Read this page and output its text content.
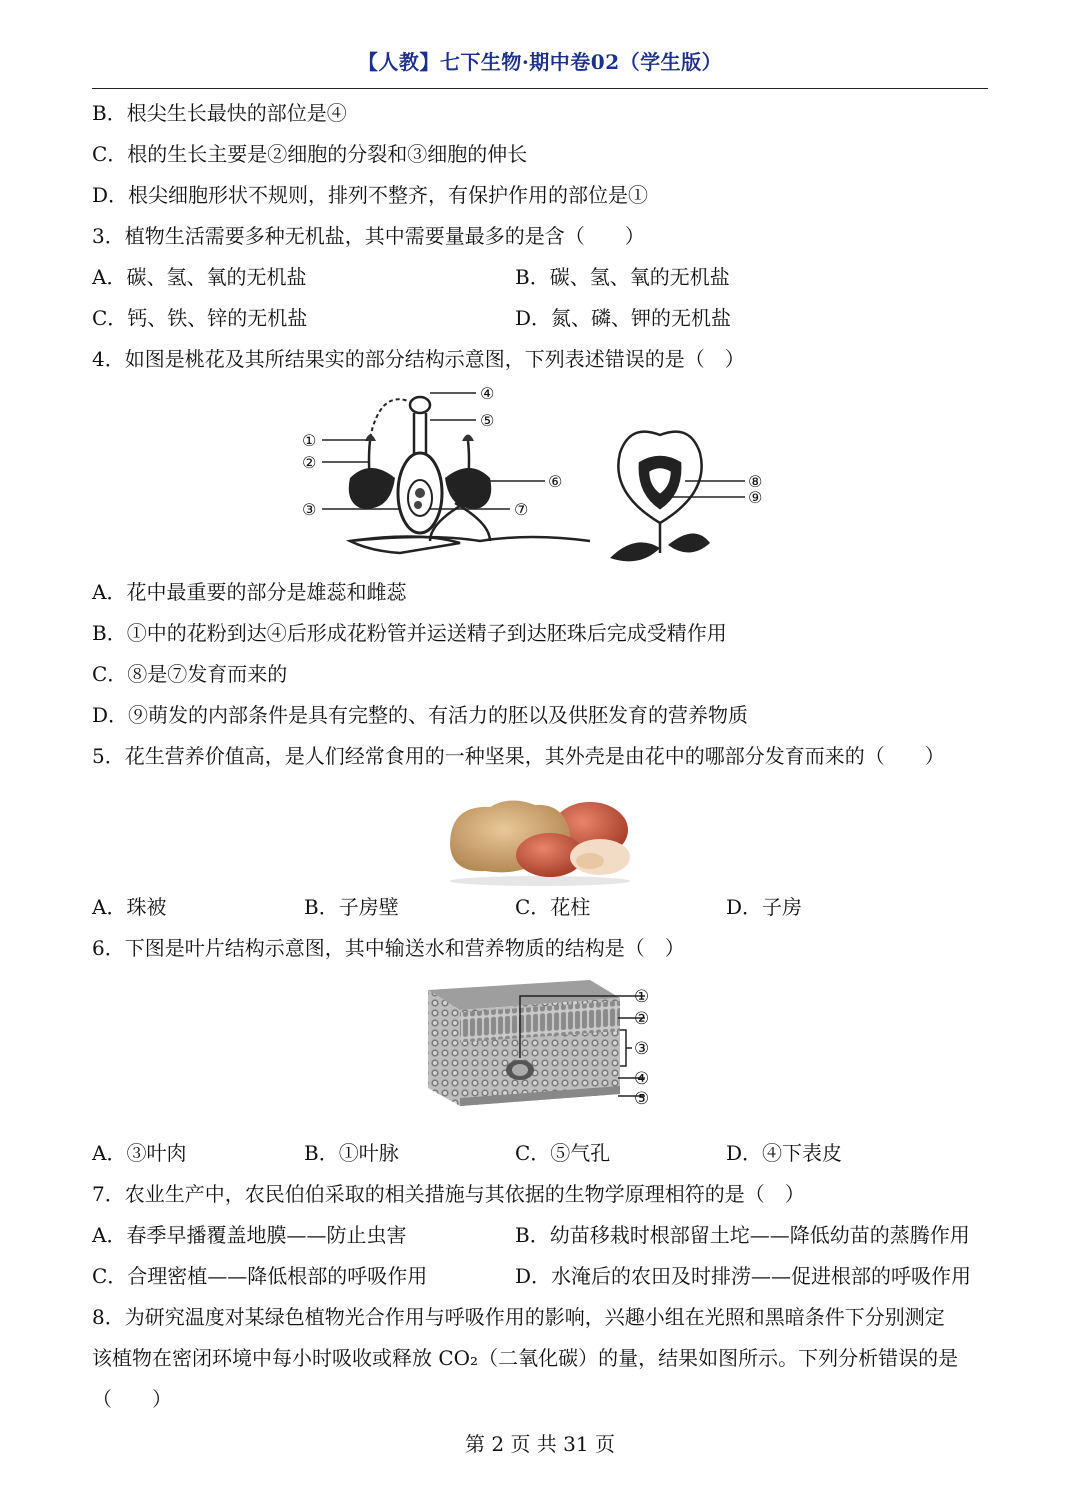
【人教】七下生物·期中卷02（学生版）
B．根尖生长最快的部位是④
C．根的生长主要是②细胞的分裂和③细胞的伸长
D．根尖细胞形状不规则，排列不整齐，有保护作用的部位是①
3．植物生活需要多种无机盐，其中需要量最多的是含（　　）
A．碳、氢、氧的无机盐	B．碳、氢、氧的无机盐
C．钙、铁、锌的无机盐	D．氮、磷、钾的无机盐
4．如图是桃花及其所结果实的部分结构示意图，下列表述错误的是（　）
①
②
③
④
⑤
⑥
⑦
⑧
⑨
A．花中最重要的部分是雄蕊和雌蕊
B．①中的花粉到达④后形成花粉管并运送精子到达胚珠后完成受精作用
C．⑧是⑦发育而来的
D．⑨萌发的内部条件是具有完整的、有活力的胚以及供胚发育的营养物质
5．花生营养价值高，是人们经常食用的一种坚果，其外壳是由花中的哪部分发育而来的（　　）
A．珠被	B．子房壁	C．花柱	D．子房
6．下图是叶片结构示意图，其中输送水和营养物质的结构是（　）
①
②
③
④
⑤
A．③叶肉	B．①叶脉	C．⑤气孔	D．④下表皮
7．农业生产中，农民伯伯采取的相关措施与其依据的生物学原理相符的是（　）
A．春季早播覆盖地膜——防止虫害	B．幼苗移栽时根部留土坨——降低幼苗的蒸腾作用
C．合理密植——降低根部的呼吸作用	D．水淹后的农田及时排涝——促进根部的呼吸作用
8．为研究温度对某绿色植物光合作用与呼吸作用的影响，兴趣小组在光照和黑暗条件下分别测定
该植物在密闭环境中每小时吸收或释放 CO₂（二氧化碳）的量，结果如图所示。下列分析错误的是
（　　）
第 2 页 共 31 页
